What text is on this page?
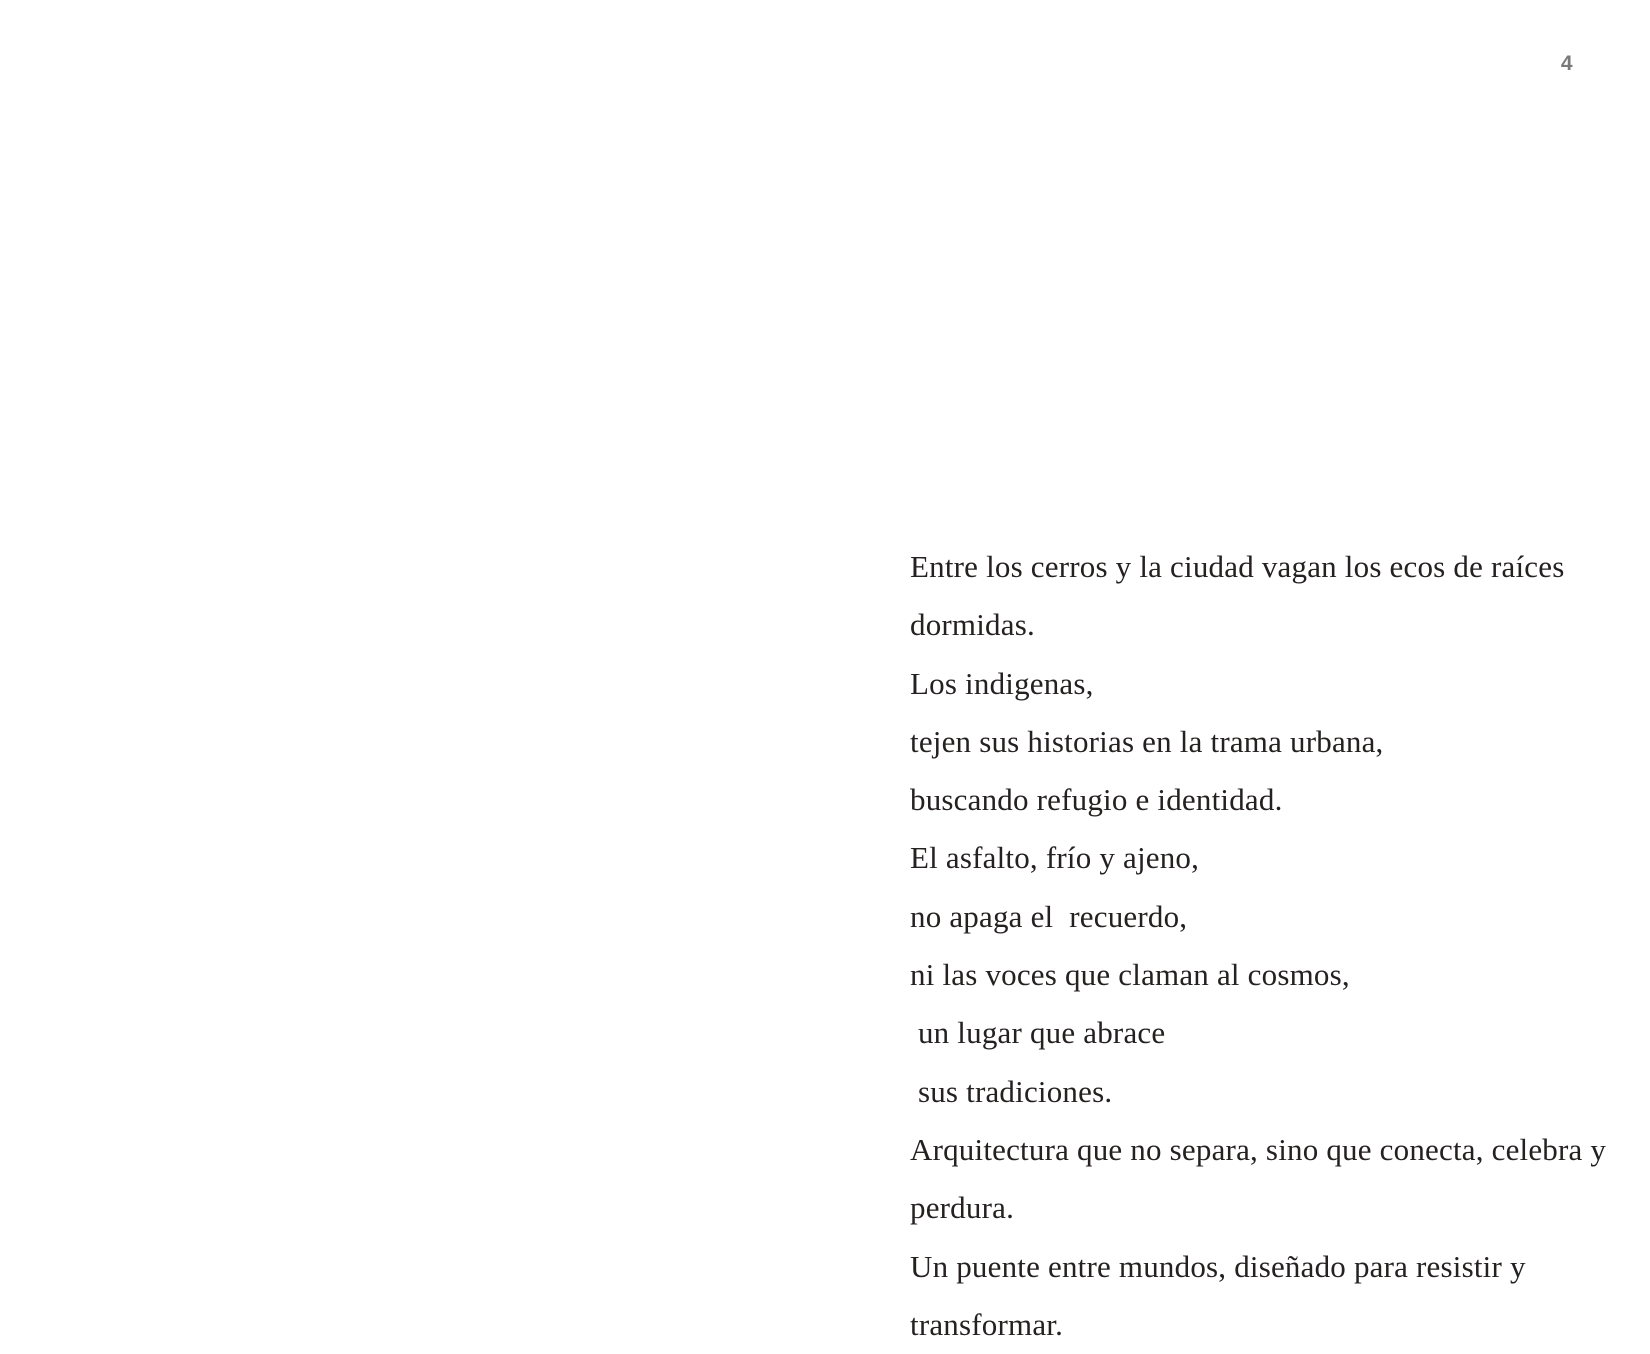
4

Entre los cerros y la ciudad vagan los ecos de raíces dormidas.

Los indigenas,

tejen sus historias en la trama urbana,

buscando refugio e identidad.

El asfalto, frío y ajeno,

no apaga el  recuerdo,

ni las voces que claman al cosmos,

un lugar que abrace

sus tradiciones.

Arquitectura que no separa, sino que conecta, celebra y perdura.

Un puente entre mundos, diseñado para resistir y transformar.
